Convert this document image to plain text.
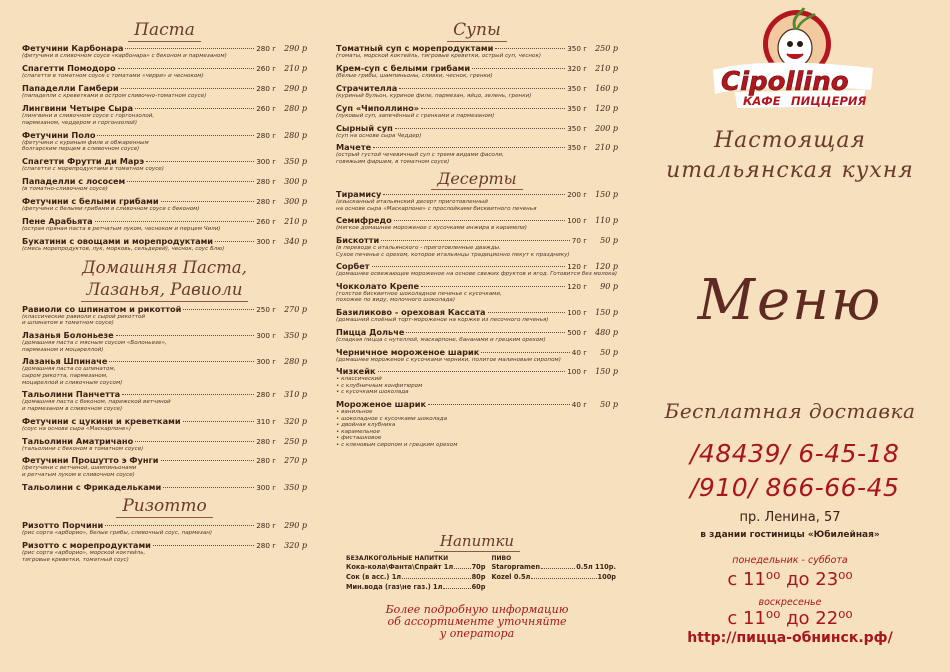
Паста
Фетучини Карбонара	280 г	290 р
(фетучини в сливочном соусе «карбонара» с беконом и пармезаном)
Спагетти Помодоро	260 г	210 р
(спагетти в томатном соусе с томатами «черри» и чесноком)
Пападелли Гамбери	280 г	290 р
(пападелли с креветками в остром сливочно-томатном соусе)
Лингвини Четыре Сыра	260 г	280 р
(лингвини в сливочном соусе с горгонзолой,
пармезаном, чеддером и горгонзолой)
Фетучини Поло	280 г	280 р
(фетучини с куриным филе и обжаренным
болгарским перцем в сливочном соусе)
Спагетти Фрутти ди Марэ	300 г	350 р
(спагетти с морепродуктами в томатном соусе)
Пападелли с лососем	280 г	300 р
(в томатно-сливочном соусе)
Фетучини с белыми грибами	280 г	300 р
(фетучини с белыми грибами в сливочном соусе с беконом)
Пене Арабьята	260 г	210 р
(острая пряная паста в ретчатым луком, чесноком и перцем Чили)
Букатини с овощами и морепродуктами	300 г	340 р
(смесь морепродуктов, лук, морковь, сельдерей), чеснок, соус Блю)
Домашняя Паста,
Лазанья, Равиоли
Равиоли со шпинатом и рикоттой	250 г	270 р
(классические равиоли с сырой рикоттой
и шпинатом в томатном соусе)
Лазанья Болоньезе	300 г	350 р
(домашняя паста с мясным соусом «Болоньезе»,
пармезаном и моцареллой)
Лазанья Шпиначе	300 г	280 р
(домашняя паста со шпинатом,
сыром рикотта, пармезаном,
моцареллой и сливочным соусом)
Тальолини Панчетта	280 г	310 р
(домашняя паста с беконом, парижской ветчиной
и пармезаном в сливочном соусе)
Фетучини с цукини и креветками	310 г	320 р
(соус на основе сыра «Маскарпоне»)
Тальолини Аматричано	280 г	250 р
(тальолини с беконом в томатном соусе)
Фетучини Прошутто э Фунги	280 г	270 р
(фетучини с ветчиной, шампиньонами
и ретчатым луком в сливочном соусе)
Тальолини с Фрикадельками	300 г	350 р
Ризотто
Ризотто Порчини	280 г	290 р
(рис сорта «арборио», белые грибы, сливочный соус, пармезан)
Ризотто с морепродуктами	280 г	320 р
(рис сорта «арборио», морской коктейль,
тигровые креветки, томатный соус)
Супы
Томатный суп с морепродуктами	350 г	250 р
(томаты, морской коктейль, тигровые креветки, острый суп, чеснок)
Крем-суп с белыми грибами	320 г	210 р
(белые грибы, шампиньоны, сливки, чеснок, гренки)
Страчителла	350 г	160 р
(куриный бульон, куриное филе, пармезан, яйцо, зелень, гренки)
Суп «Чиполлино»	350 г	120 р
(луковый суп, запечённый с гренками и пармезаном)
Сырный суп	350 г	200 р
(суп на основе сыра Чеддер)
Мачете	350 г	210 р
(острый густой чечевичный суп с тремя видами фасоли,
говяжьим фаршем, в томатном соусе)
Десерты
Тирамису	200 г	150 р
(изысканный итальянский десерт приготовленный
на основе сыра «Маскарпоне» с прослойками бисквитного печенья
Семифредо	100 г	110 р
(мягкое домашнее мороженое с кусочками инжира в карамели)
Бискотти	70 г	50 р
(в переводе с итальянского - приготовленные дважды.
Сухое печенье с орехом, которое итальянцы традиционно пекут к празднику)
Сорбет	120 г	120 р
(домашнее освежающее мороженое на основе свежих фруктов и ягод. Готовится без молока)
Чокколато Крепе	120 г	90 р
(толстое бисквитное шоколадное печенье с кусочками,
похожее по виду, молочного шоколада)
Базиликово - ореховая Кассата	100 г	150 р
(домашний слоёный торт-мороженое на коржке из песочного печенья)
Пицца Дольче	500 г	480 р
(сладкая пицца с нутеллой, маскарпоне, бананами и грецким орехом)
Черничное мороженое шарик	40 г	50 р
(домашнее мороженое с кусочками черники, политое малиновым сиропом)
Чизкейк	100 г	150 р
• классический
• с клубничным конфитюром
• с кусочками шоколада
Мороженое шарик	40 г	50 р
• ванильное
• шоколадное с кусочками шоколада
• двойная клубника
• карамельное
• фисташковое
• с кленовым сиропом и грецким орехом
Напитки
БЕЗАЛКОГОЛЬНЫЕ НАПИТКИ
Кока-кола\Фанта\Спрайт 1л	70р
Сок (в асс.) 1л	80р
Мин.вода (газ\не газ.) 1л	60р
ПИВО
Staropramen	0.5л 110р.
Kozel 0.5л	100р
Более подробную информацию
об ассортименте уточняйте
у оператора
Cipollino
КАФЕ ПИЦЦЕРИЯ
Настоящая
итальянская кухня
Меню
Бесплатная доставка
/48439/ 6-45-18
/910/ 866-66-45
пр. Ленина, 57
в здании гостиницы «Юбилейная»
понедельник - суббота
с 11⁰⁰ до 23⁰⁰
воскресенье
с 11⁰⁰ до 22⁰⁰
http://пицца-обнинск.рф/
